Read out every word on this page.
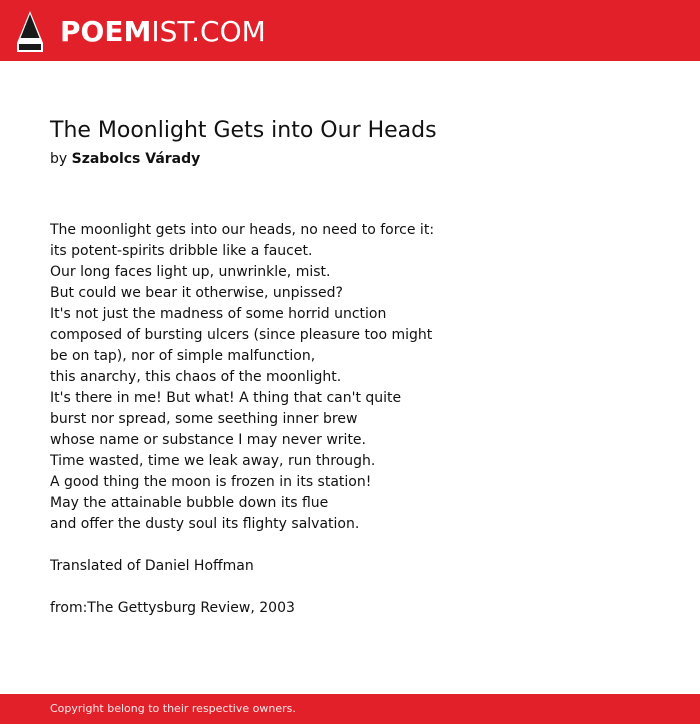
POEMIST.COM
The Moonlight Gets into Our Heads
by Szabolcs Várady
The moonlight gets into our heads, no need to force it:
its potent-spirits dribble like a faucet.
Our long faces light up, unwrinkle, mist.
But could we bear it otherwise, unpissed?
It's not just the madness of some horrid unction
composed of bursting ulcers (since pleasure too might
be on tap), nor of simple malfunction,
this anarchy, this chaos of the moonlight.
It's there in me! But what! A thing that can't quite
burst nor spread, some seething inner brew
whose name or substance I may never write.
Time wasted, time we leak away, run through.
A good thing the moon is frozen in its station!
May the attainable bubble down its flue
and offer the dusty soul its flighty salvation.
Translated of Daniel Hoffman
from:The Gettysburg Review, 2003
Copyright belong to their respective owners.
